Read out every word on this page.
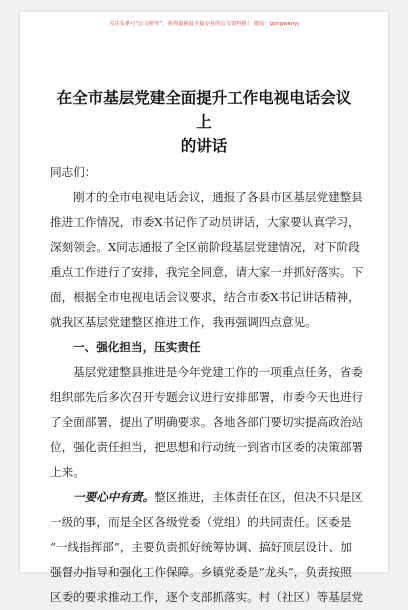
关注头条号“公文研究”，获得最新最全最专业的公文资料推！ 微信：gongwenyj
在全市基层党建全面提升工作电视电话会议上
的讲话
同志们：
刚才的全市电视电话会议，通报了各县市区基层党建整县
推进工作情况，市委X书记作了动员讲话，大家要认真学习，
深刻领会。X同志通报了全区前阶段基层党建情况，对下阶段
重点工作进行了安排，我完全同意，请大家一并抓好落实。下
面，根据全市电视电话会议要求，结合市委X书记讲话精神，
就我区基层党建整区推进工作，我再强调四点意见。
一、强化担当，压实责任
基层党建整县推进是今年党建工作的一项重点任务，省委
组织部先后多次召开专题会议进行安排部署，市委今天也进行
了全面部署，提出了明确要求。各地各部门要切实提高政治站
位，强化责任担当，把思想和行动统一到省市区委的决策部署
上来。
一要心中有责。整区推进，主体责任在区，但决不只是区
一级的事，而是全区各级党委（党组）的共同责任。区委是
“一线指挥部”，主要负责抓好统筹协调、搞好顶层设计、加
强督办指导和强化工作保障。乡镇党委是“龙头”，负责按照
区委的要求推动工作，逐个支部抓落实。村（社区）等基层党
